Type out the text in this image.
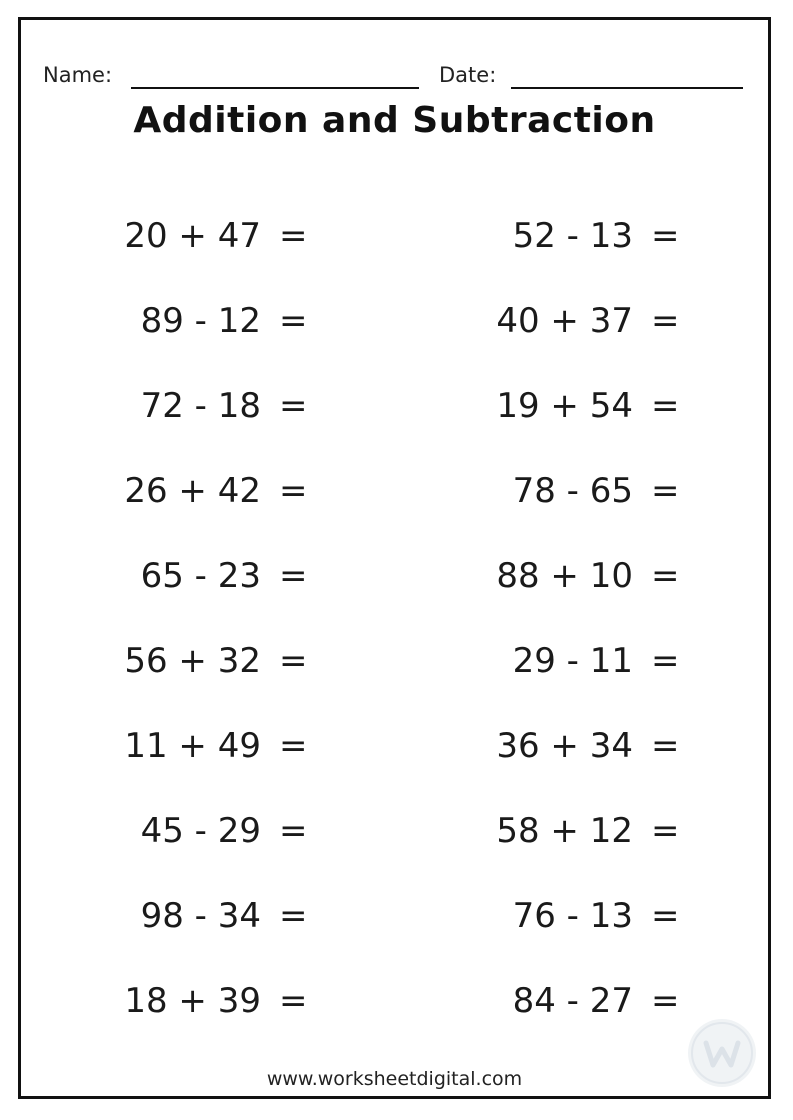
Name:	Date:
Addition and Subtraction
20 + 47 =
89 - 12 =
72 - 18 =
26 + 42 =
65 - 23 =
56 + 32 =
11 + 49 =
45 - 29 =
98 - 34 =
18 + 39 =
52 - 13 =
40 + 37 =
19 + 54 =
78 - 65 =
88 + 10 =
29 - 11 =
36 + 34 =
58 + 12 =
76 - 13 =
84 - 27 =
www.worksheetdigital.com
